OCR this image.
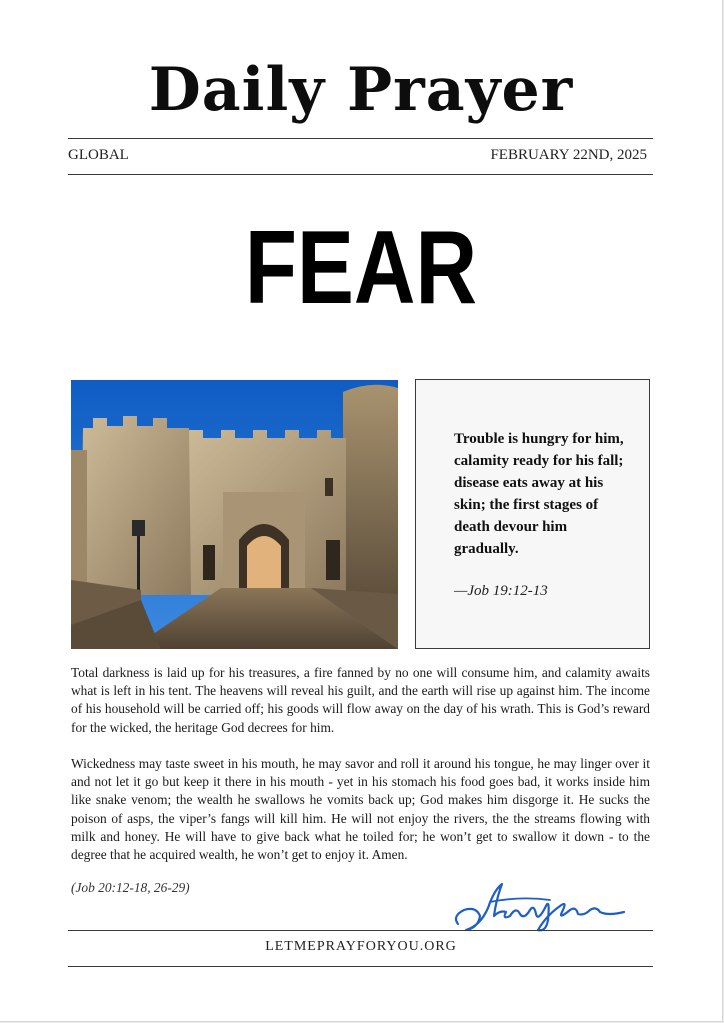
Daily Prayer
GLOBAL	FEBRUARY 22ND, 2025
FEAR
Trouble is hungry for him, calamity ready for his fall; disease eats away at his skin; the first stages of death devour him gradually.
—Job 19:12-13

Total darkness is laid up for his treasures, a fire fanned by no one will consume him, and calamity awaits what is left in his tent. The heavens will reveal his guilt, and the earth will rise up against him. The income of his household will be carried off; his goods will flow away on the day of his wrath. This is God’s reward for the wicked, the heritage God decrees for him.

Wickedness may taste sweet in his mouth, he may savor and roll it around his tongue, he may linger over it and not let it go but keep it there in his mouth - yet in his stomach his food goes bad, it works inside him like snake venom; the wealth he swallows he vomits back up; God makes him disgorge it. He sucks the poison of asps, the viper’s fangs will kill him. He will not enjoy the rivers, the the streams flowing with milk and honey. He will have to give back what he toiled for; he won’t get to swallow it down - to the degree that he acquired wealth, he won’t get to enjoy it. Amen.

(Job 20:12-18, 26-29)
LETMEPRAYFORYOU.ORG
